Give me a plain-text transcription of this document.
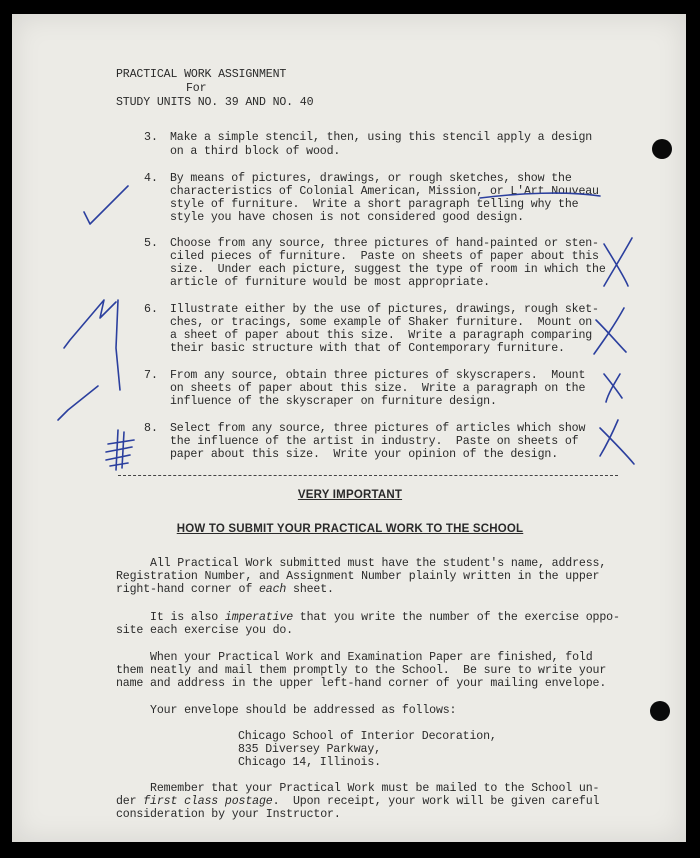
PRACTICAL WORK ASSIGNMENT
For
STUDY UNITS NO. 39 AND NO. 40
3. Make a simple stencil, then, using this stencil apply a design
on a third block of wood.
4. By means of pictures, drawings, or rough sketches, show the
characteristics of Colonial American, Mission, or L'Art Nouveau
style of furniture.  Write a short paragraph telling why the
style you have chosen is not considered good design.
5. Choose from any source, three pictures of hand-painted or sten-
ciled pieces of furniture.  Paste on sheets of paper about this
size.  Under each picture, suggest the type of room in which the
article of furniture would be most appropriate.
6. Illustrate either by the use of pictures, drawings, rough sket-
ches, or tracings, some example of Shaker furniture.  Mount on
a sheet of paper about this size.  Write a paragraph comparing
their basic structure with that of Contemporary furniture.
7. From any source, obtain three pictures of skyscrapers.  Mount
on sheets of paper about this size.  Write a paragraph on the
influence of the skyscraper on furniture design.
8. Select from any source, three pictures of articles which show
the influence of the artist in industry.  Paste on sheets of
paper about this size.  Write your opinion of the design.
VERY IMPORTANT
HOW TO SUBMIT YOUR PRACTICAL WORK TO THE SCHOOL
All Practical Work submitted must have the student's name, address,
Registration Number, and Assignment Number plainly written in the upper
right-hand corner of each sheet.
It is also imperative that you write the number of the exercise oppo-
site each exercise you do.
When your Practical Work and Examination Paper are finished, fold
them neatly and mail them promptly to the School.  Be sure to write your
name and address in the upper left-hand corner of your mailing envelope.
Your envelope should be addressed as follows:
Chicago School of Interior Decoration,
835 Diversey Parkway,
Chicago 14, Illinois.
Remember that your Practical Work must be mailed to the School un-
der first class postage.  Upon receipt, your work will be given careful
consideration by your Instructor.
